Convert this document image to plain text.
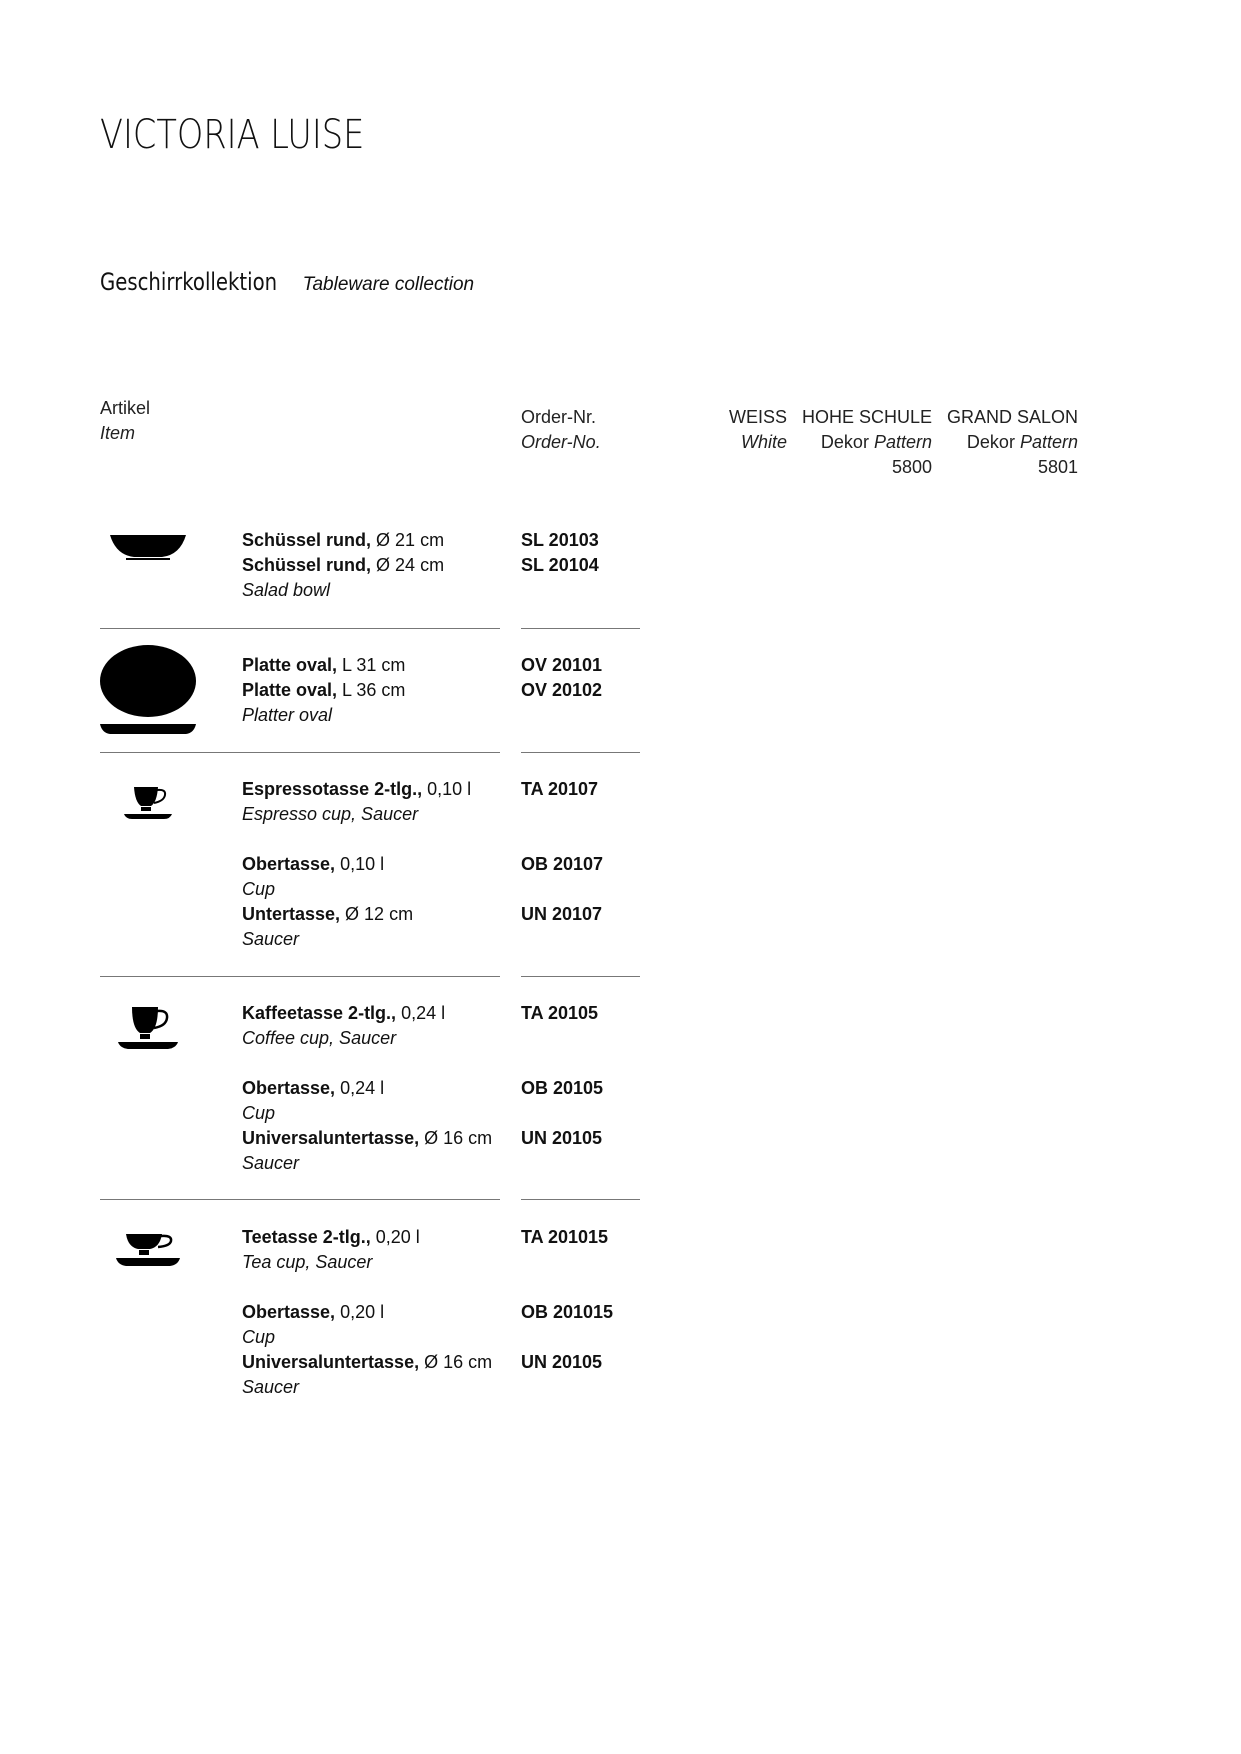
VICTORIA LUISE
Geschirrkollektion Tableware collection
Artikel
Item
Order-Nr.
Order-No.
WEISS
White
HOHE SCHULE
Dekor Pattern
5800
GRAND SALON
Dekor Pattern
5801
Schüssel rund, Ø 21 cm
Schüssel rund, Ø 24 cm
Salad bowl
SL 20103
SL 20104
Platte oval, L 31 cm
Platte oval, L 36 cm
Platter oval
OV 20101
OV 20102
Espressotasse 2-tlg., 0,10 l
Espresso cup, Saucer
Obertasse, 0,10 l
Cup
Untertasse, Ø 12 cm
Saucer
TA 20107
OB 20107
UN 20107
Kaffeetasse 2-tlg., 0,24 l
Coffee cup, Saucer
Obertasse, 0,24 l
Cup
Universaluntertasse, Ø 16 cm
Saucer
TA 20105
OB 20105
UN 20105
Teetasse 2-tlg., 0,20 l
Tea cup, Saucer
Obertasse, 0,20 l
Cup
Universaluntertasse, Ø 16 cm
Saucer
TA 201015
OB 201015
UN 20105
